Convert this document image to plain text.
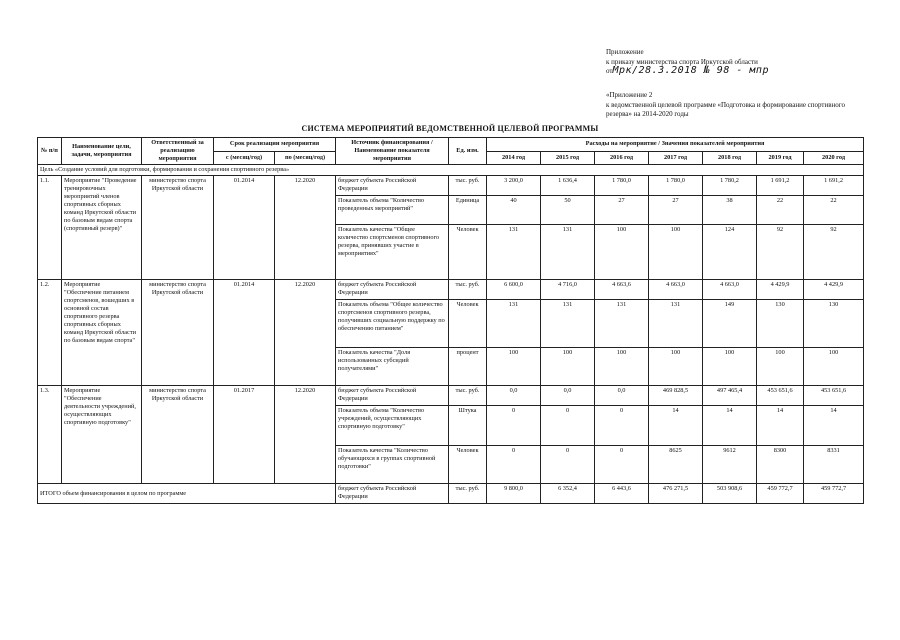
Приложение
к приказу министерства спорта Иркутской области
отМрк/28.3.2018 № 98 - мпр
«Приложение 2
к ведомственной целевой программе «Подготовка и формирование спортивного
резерва» на 2014-2020 годы
СИСТЕМА МЕРОПРИЯТИЙ ВЕДОМСТВЕННОЙ ЦЕЛЕВОЙ ПРОГРАММЫ
№ п/п	Наименование цели, задачи, мероприятия	Ответственный за реализацию мероприятия	Срок реализации мероприятия		Источник финансирования / Наименование показателя мероприятия	Ед. изм.	Расходы на мероприятие / Значения показателей мероприятия						
			с (месяц/год)	по (месяц/год)			2014 год	2015 год	2016 год	2017 год	2018 год	2019 год	2020 год
Цель «Создание условий для подготовки, формирования и сохранения спортивного резерва»													
1.1.	Мероприятие "Проведение тренировочных мероприятий членов спортивных сборных команд Иркутской области по базовым видам спорта (спортивный резерв)"	министерство спорта Иркутской области	01.2014	12.2020	бюджет субъекта Российской Федерации	тыс. руб.	3 200,0	1 636,4	1 780,0	1 780,0	1 780,2	1 691,2	1 691,2
					Показатель объема "Количество проведенных мероприятий"	Единица	40	50	27	27	38	22	22
					Показатель качества "Общее количество спортсменов спортивного резерва, принявших участие в мероприятиях"	Человек	131	131	100	100	124	92	92
1.2.	Мероприятие "Обеспечение питанием спортсменов, вошедших в основной состав спортивного резерва спортивных сборных команд Иркутской области по базовым видам спорта"	министерство спорта Иркутской области	01.2014	12.2020	бюджет субъекта Российской Федерации	тыс. руб.	6 600,0	4 716,0	4 663,6	4 663,0	4 663,0	4 429,9	4 429,9
					Показатель объема "Общее количество спортсменов спортивного резерва, получивших социальную поддержку по обеспечению питанием"	Человек	131	131	131	131	149	130	130
					Показатель качества "Доля использованных субсидий получателями"	процент	100	100	100	100	100	100	100
1.3.	Мероприятие "Обеспечение деятельности учреждений, осуществляющих спортивную подготовку"	министерство спорта Иркутской области	01.2017	12.2020	бюджет субъекта Российской Федерации	тыс. руб.	0,0	0,0	0,0	469 828,5	497 465,4	453 651,6	453 651,6
					Показатель объема "Количество учреждений, осуществляющих спортивную подготовку"	Штука	0	0	0	14	14	14	14
					Показатель качества "Количество обучающихся в группах спортивной подготовки"	Человек	0	0	0	8625	9612	8300	8331
ИТОГО объем финансирования в целом по программе					бюджет субъекта Российской Федерации	тыс. руб.	9 800,0	6 352,4	6 443,6	476 271,5	503 908,6	459 772,7	459 772,7
